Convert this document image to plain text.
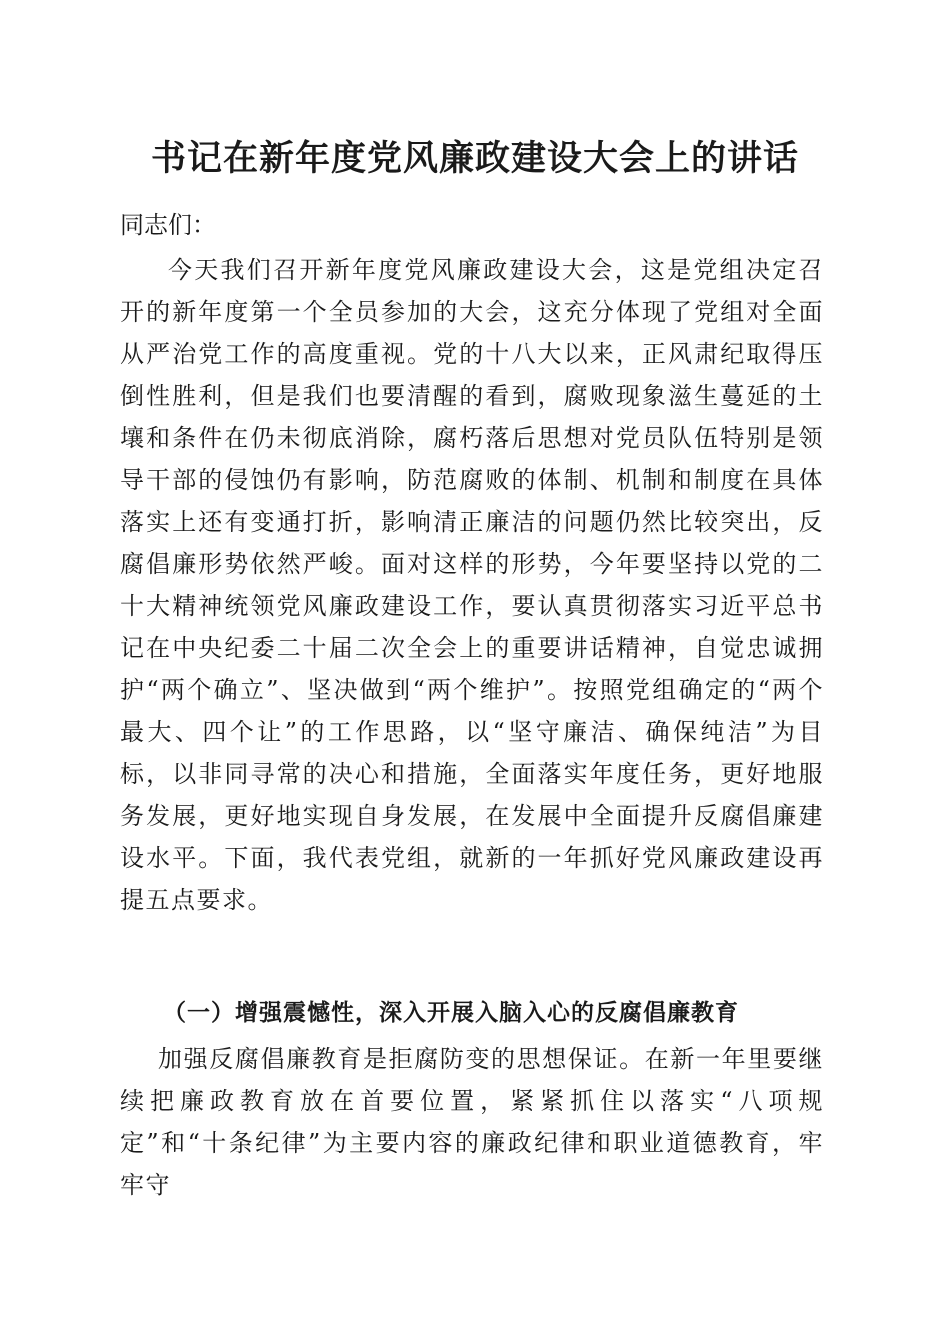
书记在新年度党风廉政建设大会上的讲话

同志们：

今天我们召开新年度党风廉政建设大会，这是党组决定召开的新年度第一个全员参加的大会，这充分体现了党组对全面从严治党工作的高度重视。党的十八大以来，正风肃纪取得压倒性胜利，但是我们也要清醒的看到，腐败现象滋生蔓延的土壤和条件在仍未彻底消除，腐朽落后思想对党员队伍特别是领导干部的侵蚀仍有影响，防范腐败的体制、机制和制度在具体落实上还有变通打折，影响清正廉洁的问题仍然比较突出，反腐倡廉形势依然严峻。面对这样的形势，今年要坚持以党的二十大精神统领党风廉政建设工作，要认真贯彻落实习近平总书记在中央纪委二十届二次全会上的重要讲话精神，自觉忠诚拥护“两个确立”、坚决做到“两个维护”。按照党组确定的“两个最大、四个让”的工作思路，以“坚守廉洁、确保纯洁”为目标，以非同寻常的决心和措施，全面落实年度任务，更好地服务发展，更好地实现自身发展，在发展中全面提升反腐倡廉建设水平。下面，我代表党组，就新的一年抓好党风廉政建设再提五点要求。

（一）增强震憾性，深入开展入脑入心的反腐倡廉教育

加强反腐倡廉教育是拒腐防变的思想保证。在新一年里要继续把廉政教育放在首要位置，紧紧抓住以落实“八项规定”和“十条纪律”为主要内容的廉政纪律和职业道德教育，牢牢守
